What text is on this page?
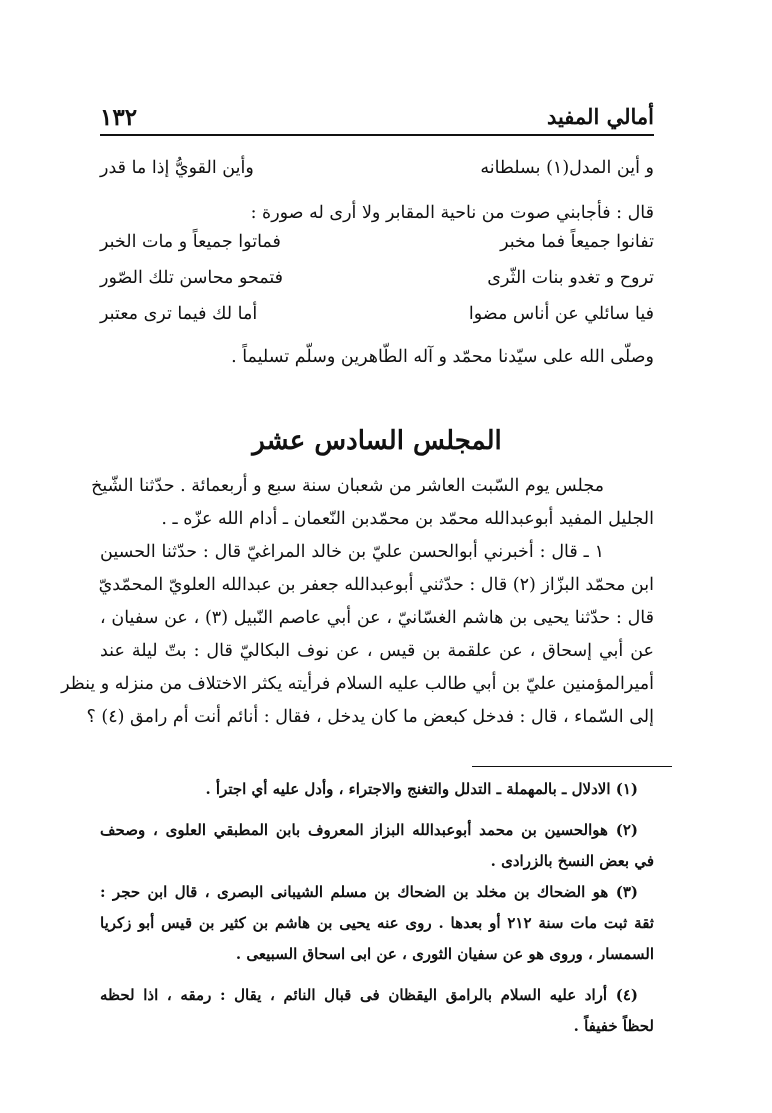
أمالي المفيد
١٣٢
و أين المدل(١) بسلطانه
وأين القويُّ إذا ما قدر
قال : فأجابني صوت من ناحية المقابر ولا أرى له صورة :
تفانوا جميعاً فما مخبر
فماتوا جميعاً و مات الخبر
تروح و تغدو بنات الثّرى
فتمحو محاسن تلك الصّور
فيا سائلي عن أناس مضوا
أما لك فيما ترى معتبر
وصلّى الله على سيّدنا محمّد و آله الطّاهرين وسلّم تسليماً .
المجلس السادس عشر
مجلس يوم السّبت العاشر من شعبان سنة سبع و أربعمائة . حدّثنا الشّيخ
الجليل المفيد أبوعبدالله محمّد بن محمّدبن النّعمان ـ أدام الله عزّه ـ .
١ ـ قال : أخبرني أبوالحسن عليّ بن خالد المراغيّ قال : حدّثنا الحسين
ابن محمّد البزّاز (٢) قال : حدّثني أبوعبدالله جعفر بن عبدالله العلويّ المحمّديّ
قال : حدّثنا يحيى بن هاشم الغسّانيّ ، عن أبي عاصم النّبيل (٣) ، عن سفيان ،
عن أبي إسحاق ، عن علقمة بن قيس ، عن نوف البكاليّ قال : بتّ ليلة عند
أميرالمؤمنين عليّ بن أبي طالب عليه السلام فرأيته يكثر الاختلاف من منزله و ينظر
إلى السّماء ، قال : فدخل كبعض ما كان يدخل ، فقال : أنائم أنت أم رامق (٤) ؟
(١) الادلال ـ بالمهملة ـ التدلل والتغنج والاجتراء ، وأدل عليه أي اجترأ .
(٢) هوالحسين بن محمد أبوعبدالله البزاز المعروف بابن المطبقي العلوى ، وصحف
في بعض النسخ بالزرادى .
(٣) هو الضحاك بن مخلد بن الضحاك بن مسلم الشيبانى البصرى ، قال ابن حجر :
ثقة ثبت مات سنة ٢١٢ أو بعدها . روى عنه يحيى بن هاشم بن كثير بن قيس أبو زكريا
السمسار ، وروى هو عن سفيان الثورى ، عن ابى اسحاق السبيعى .
(٤) أراد عليه السلام بالرامق اليقظان فى قبال النائم ، يقال : رمقه ، اذا لحظه
لحظاً خفيفاً .
